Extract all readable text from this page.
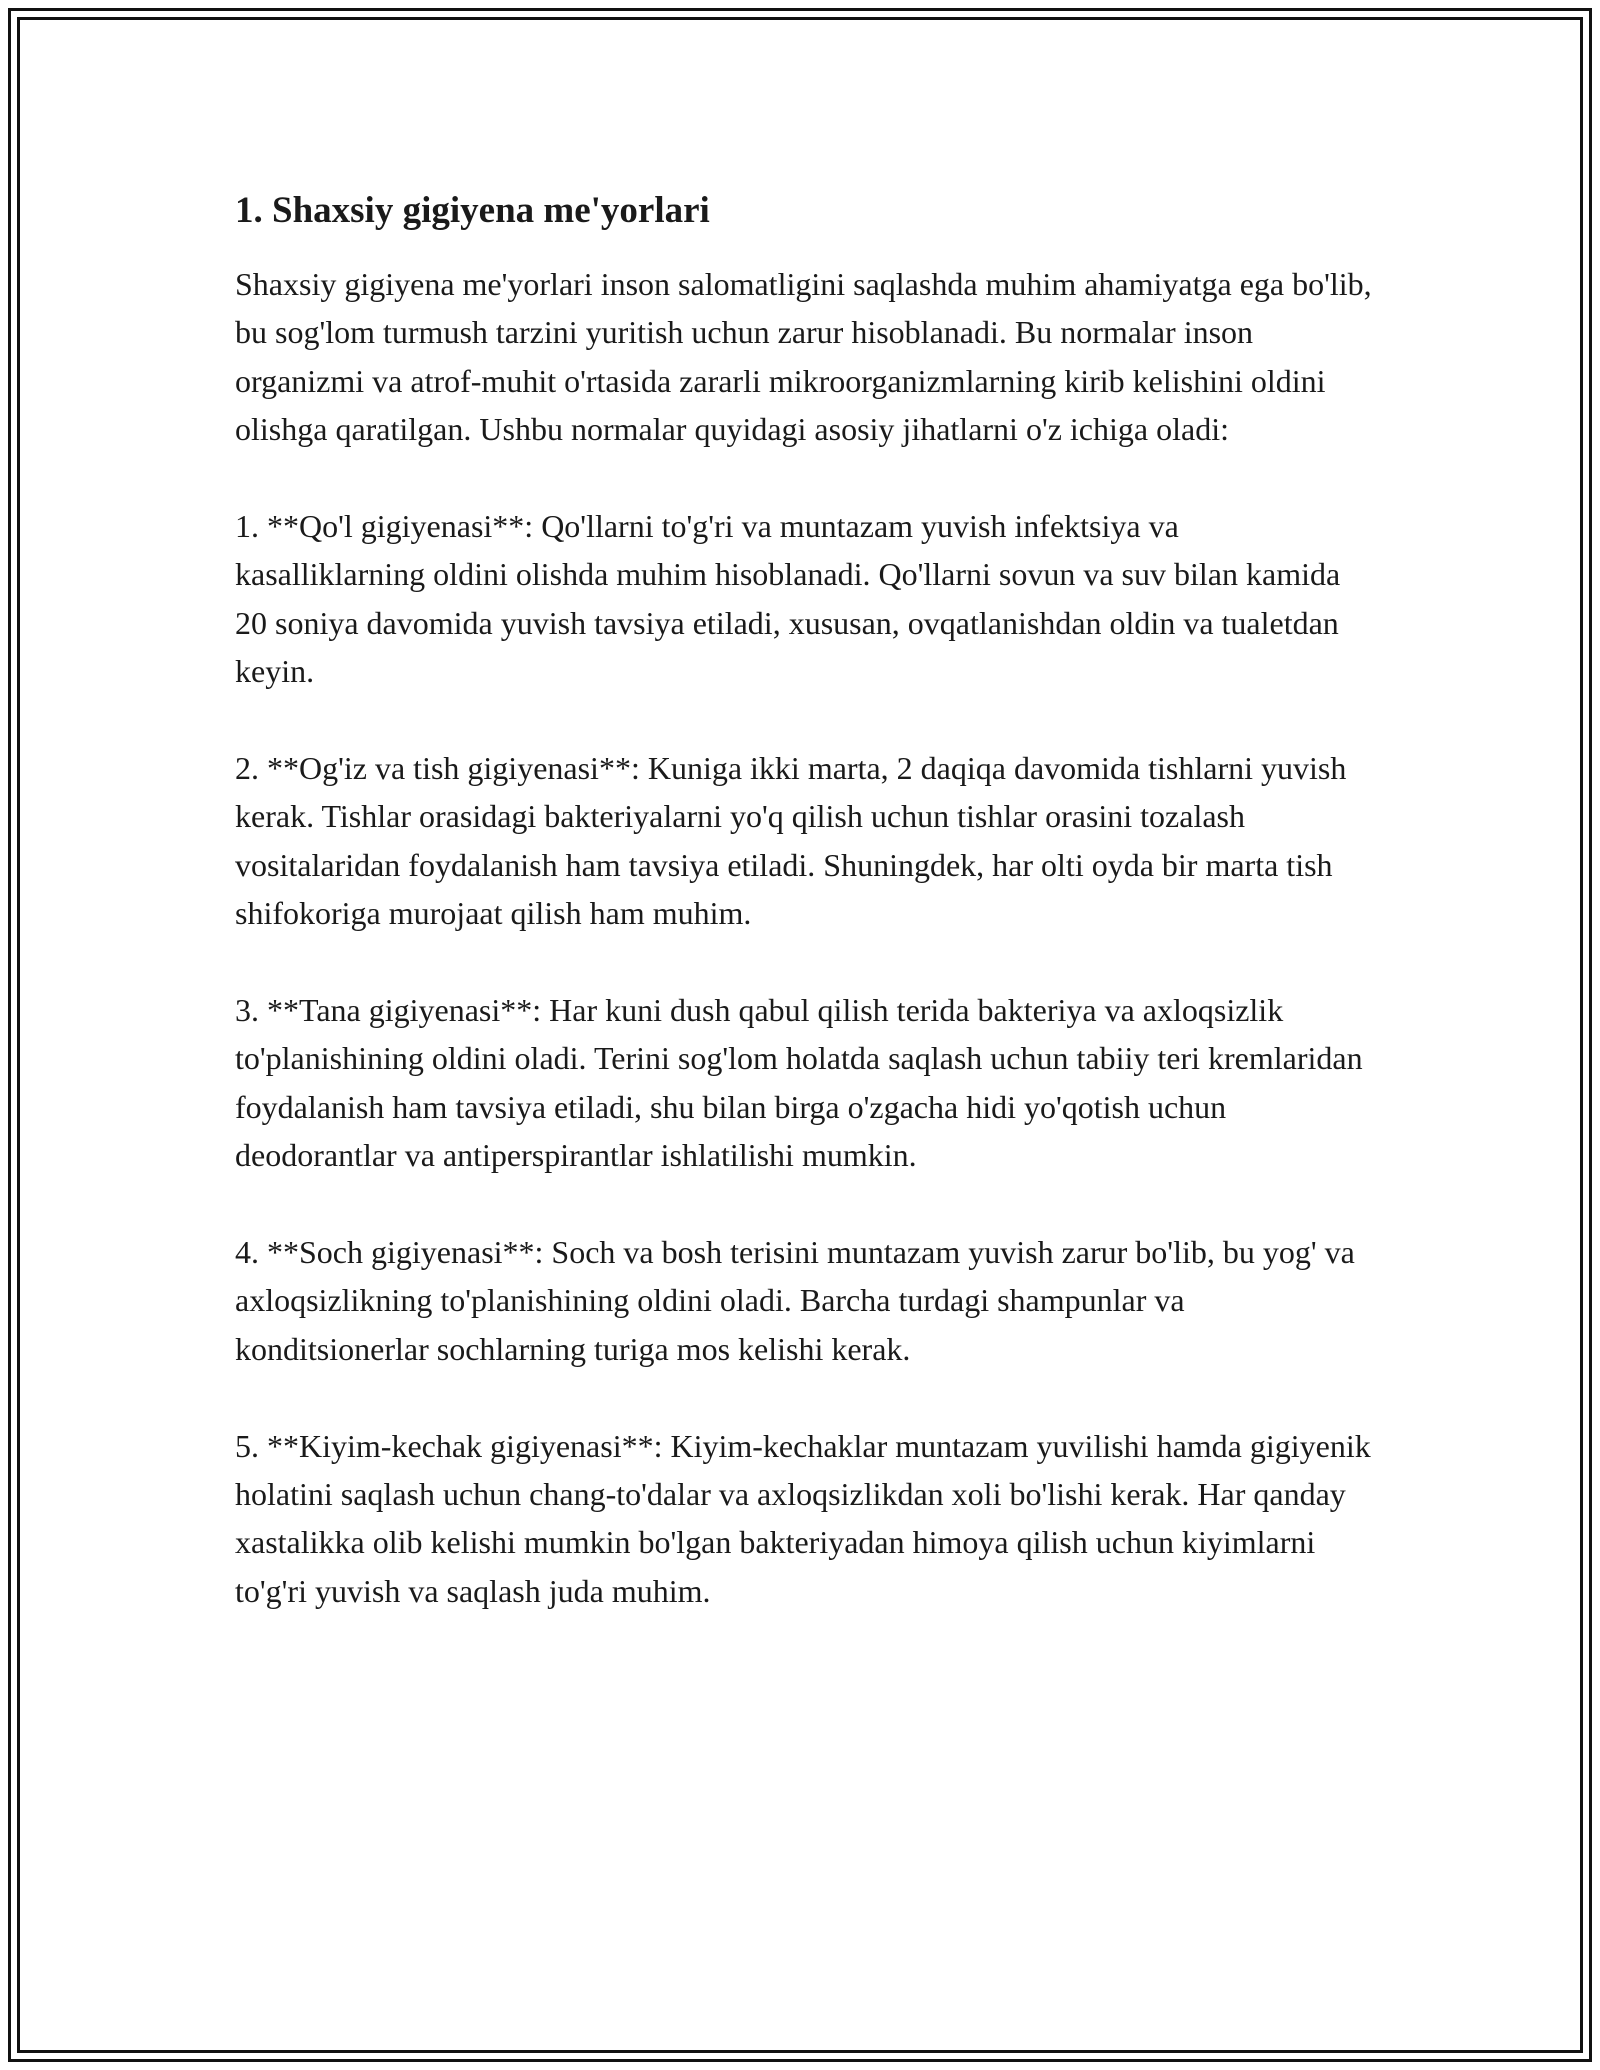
1. Shaxsiy gigiyena me'yorlari

Shaxsiy gigiyena me'yorlari inson salomatligini saqlashda muhim ahamiyatga ega bo'lib, bu sog'lom turmush tarzini yuritish uchun zarur hisoblanadi. Bu normalar inson organizmi va atrof-muhit o'rtasida zararli mikroorganizmlarning kirib kelishini oldini olishga qaratilgan. Ushbu normalar quyidagi asosiy jihatlarni o'z ichiga oladi:

1. **Qo'l gigiyenasi**: Qo'llarni to'g'ri va muntazam yuvish infektsiya va kasalliklarning oldini olishda muhim hisoblanadi. Qo'llarni sovun va suv bilan kamida 20 soniya davomida yuvish tavsiya etiladi, xususan, ovqatlanishdan oldin va tualetdan keyin.

2. **Og'iz va tish gigiyenasi**: Kuniga ikki marta, 2 daqiqa davomida tishlarni yuvish kerak. Tishlar orasidagi bakteriyalarni yo'q qilish uchun tishlar orasini tozalash vositalaridan foydalanish ham tavsiya etiladi. Shuningdek, har olti oyda bir marta tish shifokoriga murojaat qilish ham muhim.

3. **Tana gigiyenasi**: Har kuni dush qabul qilish terida bakteriya va axloqsizlik to'planishining oldini oladi. Terini sog'lom holatda saqlash uchun tabiiy teri kremlaridan foydalanish ham tavsiya etiladi, shu bilan birga o'zgacha hidi yo'qotish uchun deodorantlar va antiperspirantlar ishlatilishi mumkin.

4. **Soch gigiyenasi**: Soch va bosh terisini muntazam yuvish zarur bo'lib, bu yog' va axloqsizlikning to'planishining oldini oladi. Barcha turdagi shampunlar va konditsionerlar sochlarning turiga mos kelishi kerak.

5. **Kiyim-kechak gigiyenasi**: Kiyim-kechaklar muntazam yuvilishi hamda gigiyenik holatini saqlash uchun chang-to'dalar va axloqsizlikdan xoli bo'lishi kerak. Har qanday xastalikka olib kelishi mumkin bo'lgan bakteriyadan himoya qilish uchun kiyimlarni to'g'ri yuvish va saqlash juda muhim.
